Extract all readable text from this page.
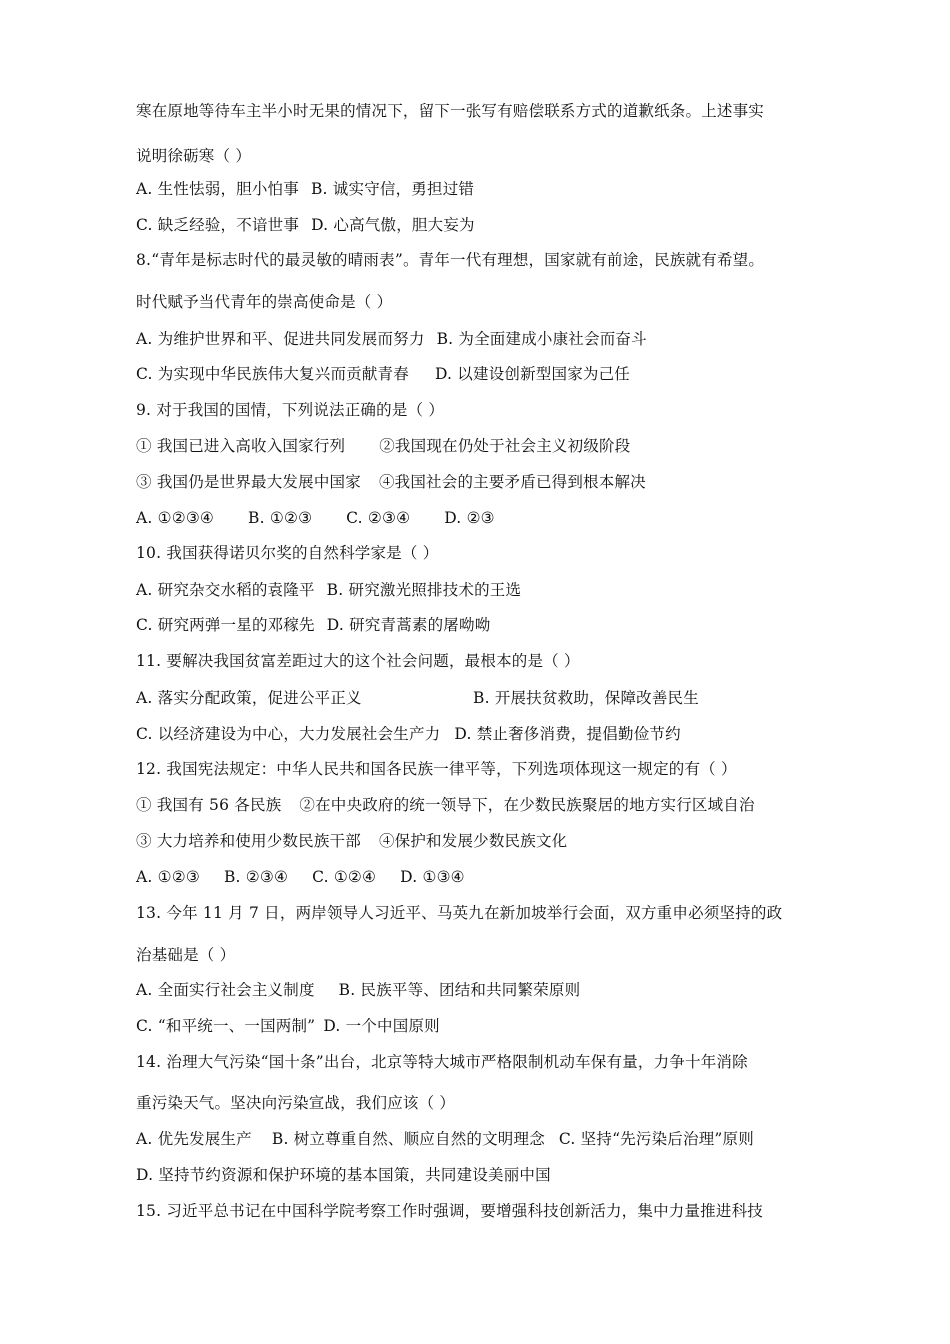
寒在原地等待车主半小时无果的情况下，留下一张写有赔偿联系方式的道歉纸条。上述事实
说明徐砺寒（ ）
A. 生性怯弱，胆小怕事 B. 诚实守信，勇担过错
C. 缺乏经验，不谙世事 D. 心高气傲，胆大妄为
8.“青年是标志时代的最灵敏的晴雨表”。青年一代有理想，国家就有前途，民族就有希望。
时代赋予当代青年的崇高使命是（ ）
A. 为维护世界和平、促进共同发展而努力 B. 为全面建成小康社会而奋斗
C. 为实现中华民族伟大复兴而贡献青春 D. 以建设创新型国家为己任
9. 对于我国的国情，下列说法正确的是（ ）
① 我国已进入高收入国家行列 ②我国现在仍处于社会主义初级阶段
③ 我国仍是世界最大发展中国家 ④我国社会的主要矛盾已得到根本解决
A. ①②③④ B. ①②③ C. ②③④ D. ②③
10. 我国获得诺贝尔奖的自然科学家是（ ）
A. 研究杂交水稻的袁隆平 B. 研究激光照排技术的王选
C. 研究两弹一星的邓稼先 D. 研究青蒿素的屠呦呦
11. 要解决我国贫富差距过大的这个社会问题，最根本的是（ ）
A. 落实分配政策，促进公平正义	B. 开展扶贫救助，保障改善民生
C. 以经济建设为中心，大力发展社会生产力 D. 禁止奢侈消费，提倡勤俭节约
12. 我国宪法规定：中华人民共和国各民族一律平等，下列选项体现这一规定的有（ ）
① 我国有 56 各民族 ②在中央政府的统一领导下，在少数民族聚居的地方实行区域自治
③ 大力培养和使用少数民族干部 ④保护和发展少数民族文化
A. ①②③ B. ②③④ C. ①②④ D. ①③④
13. 今年 11 月 7 日，两岸领导人习近平、马英九在新加坡举行会面，双方重申必须坚持的政
治基础是（ ）
A. 全面实行社会主义制度 B. 民族平等、团结和共同繁荣原则
C. “和平统一、一国两制” D. 一个中国原则
14. 治理大气污染“国十条”出台，北京等特大城市严格限制机动车保有量，力争十年消除
重污染天气。坚决向污染宣战，我们应该（ ）
A. 优先发展生产 B. 树立尊重自然、顺应自然的文明理念 C. 坚持“先污染后治理”原则
D. 坚持节约资源和保护环境的基本国策，共同建设美丽中国
15. 习近平总书记在中国科学院考察工作时强调，要增强科技创新活力，集中力量推进科技
